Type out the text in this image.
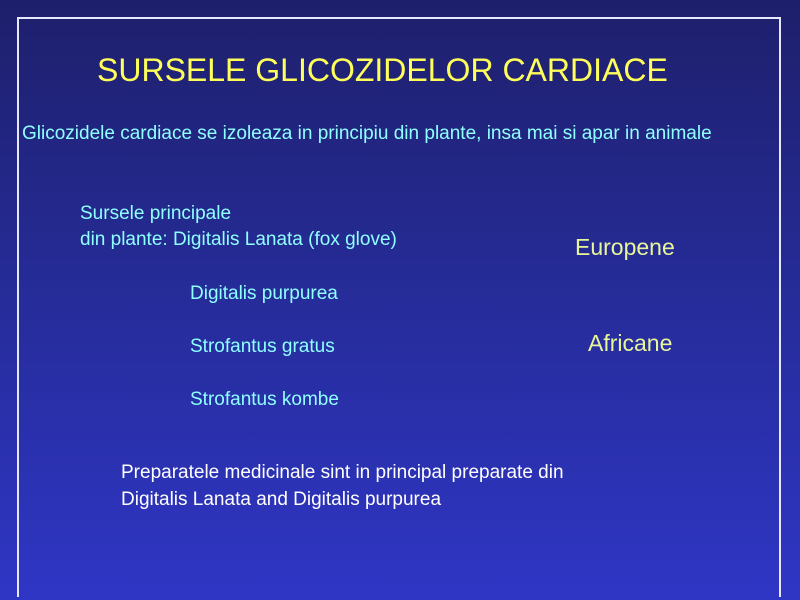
SURSELE GLICOZIDELOR CARDIACE
Glicozidele cardiace se izoleaza in principiu din plante, insa mai si apar in animale
Sursele principale
din plante: Digitalis Lanata (fox glove)
Digitalis purpurea
Strofantus gratus
Strofantus kombe
Europene
Africane
Preparatele medicinale sint in principal preparate din
Digitalis Lanata and Digitalis purpurea
